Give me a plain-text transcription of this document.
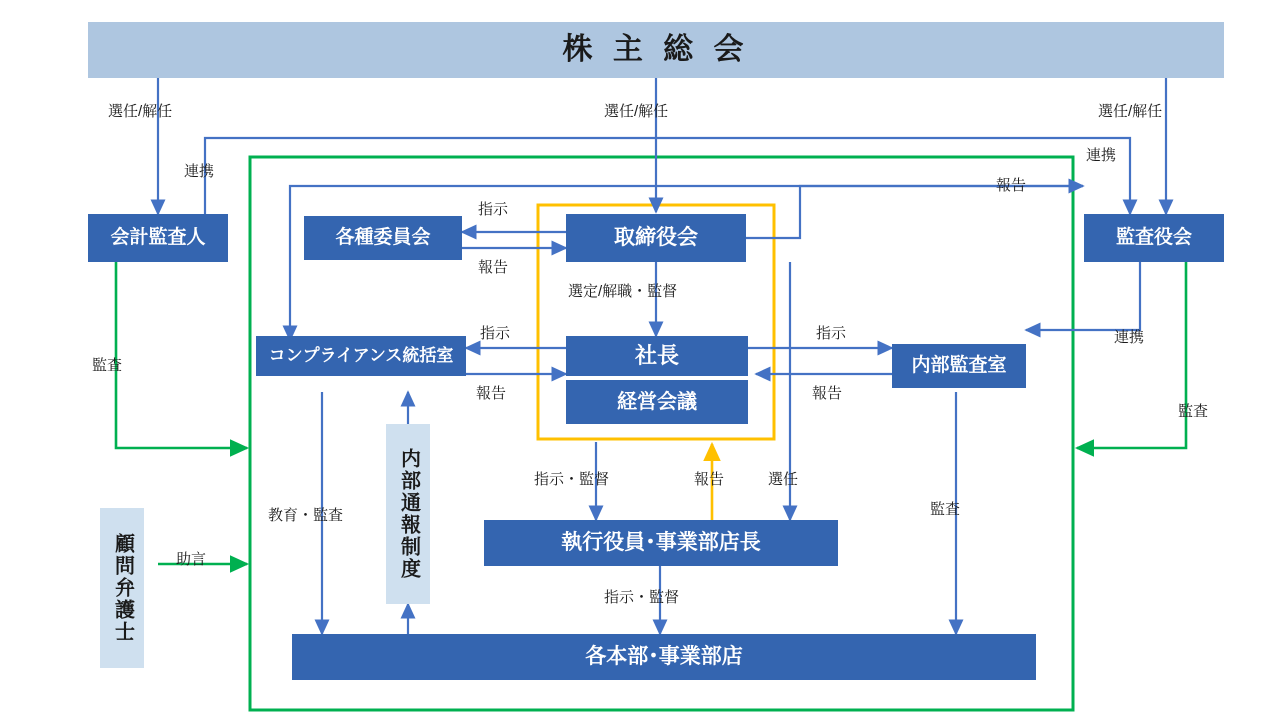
株 主 総 会
会計監査人	監査役会
各種委員会	取締役会
コンプライアンス統括室	社長
経営会議
内部監査室
内部通報制度
顧問弁護士	執行役員･事業部店長
各本部･事業部店
選任/解任	選任/解任	選任/解任
連携
連携
報告
監査
監査
連携
指示
報告
選定/解職・監督
指示
報告
指示
報告
指示・監督	報告	選任
教育・監査
助言
監査
指示・監督
